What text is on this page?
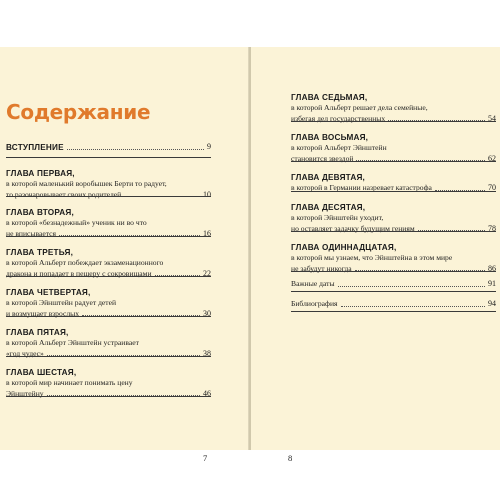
Содержание
ВСТУПЛЕНИЕ	9
ГЛАВА ПЕРВАЯ,
в которой маленький воробышек Берти то радует,
то разочаровывает своих родителей	10
ГЛАВА ВТОРАЯ,
в которой «безнадежный» ученик ни во что
не вписывается	16
ГЛАВА ТРЕТЬЯ,
в которой Альберт побеждает экзаменационного
дракона и попадает в пещеру с сокровищами	22
ГЛАВА ЧЕТВЕРТАЯ,
в которой Эйнштейн радует детей
и возмущает взрослых	30
ГЛАВА ПЯТАЯ,
в которой Альберт Эйнштейн устраивает
«год чудес»	38
ГЛАВА ШЕСТАЯ,
в которой мир начинает понимать цену
Эйнштейну	46
7
ГЛАВА СЕДЬМАЯ,
в которой Альберт решает дела семейные,
избегая дел государственных	54
ГЛАВА ВОСЬМАЯ,
в которой Альберт Эйнштейн
становится звездой	62
ГЛАВА ДЕВЯТАЯ,
в которой в Германии назревает катастрофа	70
ГЛАВА ДЕСЯТАЯ,
в которой Эйнштейн уходит,
но оставляет задачку будущим гениям	78
ГЛАВА ОДИННАДЦАТАЯ,
в которой мы узнаем, что Эйнштейна в этом мире
не забудут никогда	86
Важные даты	91
Библиография	94
8
